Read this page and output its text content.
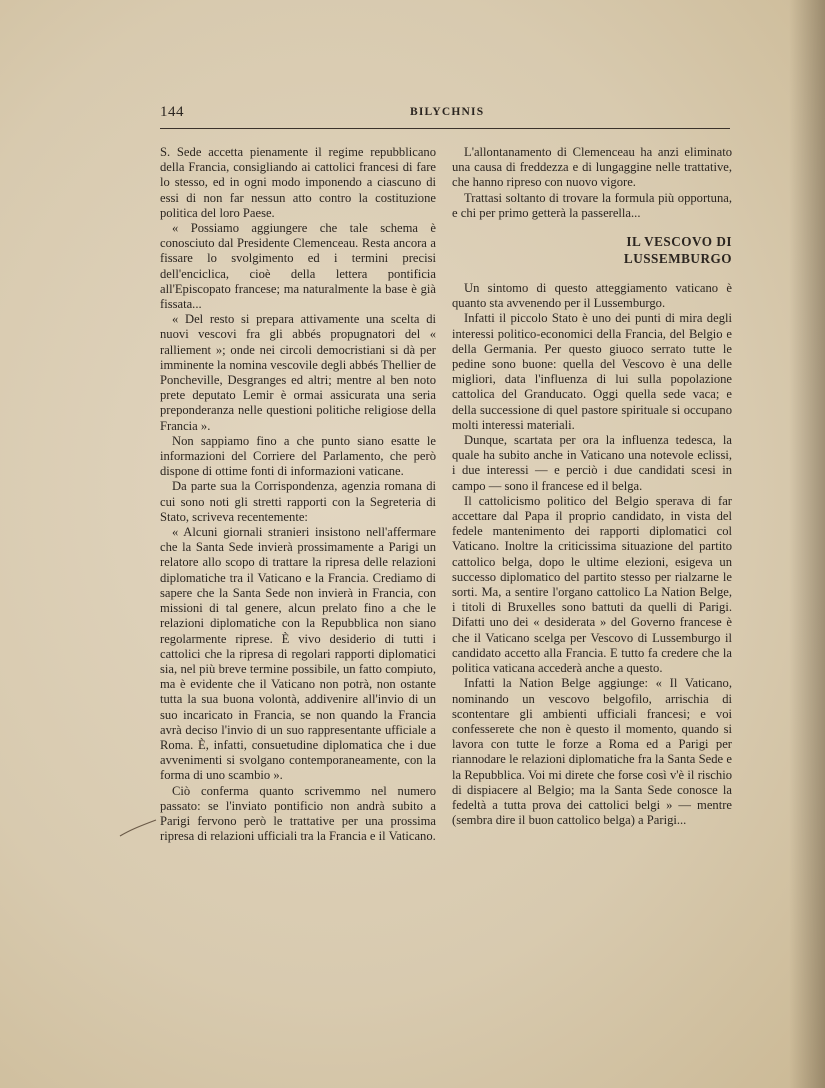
144	BILYCHNIS

S. Sede accetta pienamente il regime repubblicano della Francia, consigliando ai cattolici francesi di fare lo stesso, ed in ogni modo imponendo a ciascuno di essi di non far nessun atto contro la costituzione politica del loro Paese.

« Possiamo aggiungere che tale schema è conosciuto dal Presidente Clemenceau. Resta ancora a fissare lo svolgimento ed i termini precisi dell'enciclica, cioè della lettera pontificia all'Episcopato francese; ma naturalmente la base è già fissata...

« Del resto si prepara attivamente una scelta di nuovi vescovi fra gli abbés propugnatori del « ralliement »; onde nei circoli democristiani si dà per imminente la nomina vescovile degli abbés Thellier de Poncheville, Desgranges ed altri; mentre al ben noto prete deputato Lemir è ormai assicurata una seria preponderanza nelle questioni politiche religiose della Francia ».

Non sappiamo fino a che punto siano esatte le informazioni del Corriere del Parlamento, che però dispone di ottime fonti di informazioni vaticane.

Da parte sua la Corrispondenza, agenzia romana di cui sono noti gli stretti rapporti con la Segreteria di Stato, scriveva recentemente:

« Alcuni giornali stranieri insistono nell'affermare che la Santa Sede invierà prossimamente a Parigi un relatore allo scopo di trattare la ripresa delle relazioni diplomatiche tra il Vaticano e la Francia. Crediamo di sapere che la Santa Sede non invierà in Francia, con missioni di tal genere, alcun prelato fino a che le relazioni diplomatiche con la Repubblica non siano regolarmente riprese. È vivo desiderio di tutti i cattolici che la ripresa di regolari rapporti diplomatici sia, nel più breve termine possibile, un fatto compiuto, ma è evidente che il Vaticano non potrà, non ostante tutta la sua buona volontà, addivenire all'invio di un suo incaricato in Francia, se non quando la Francia avrà deciso l'invio di un suo rappresentante ufficiale a Roma. È, infatti, consuetudine diplomatica che i due avvenimenti si svolgano contemporaneamente, con la forma di uno scambio ».

Ciò conferma quanto scrivemmo nel numero passato: se l'inviato pontificio non andrà subito a Parigi fervono però le trattative per una prossima ripresa di relazioni ufficiali tra la Francia e il Vaticano.

L'allontanamento di Clemenceau ha anzi eliminato una causa di freddezza e di lungaggine nelle trattative, che hanno ripreso con nuovo vigore.

Trattasi soltanto di trovare la formula più opportuna, e chi per primo getterà la passerella...

IL VESCOVO DI
LUSSEMBURGO

Un sintomo di questo atteggiamento vaticano è quanto sta avvenendo per il Lussemburgo.

Infatti il piccolo Stato è uno dei punti di mira degli interessi politico-economici della Francia, del Belgio e della Germania. Per questo giuoco serrato tutte le pedine sono buone: quella del Vescovo è una delle migliori, data l'influenza di lui sulla popolazione cattolica del Granducato. Oggi quella sede vaca; e della successione di quel pastore spirituale si occupano molti interessi materiali.

Dunque, scartata per ora la influenza tedesca, la quale ha subito anche in Vaticano una notevole eclissi, i due interessi — e perciò i due candidati scesi in campo — sono il francese ed il belga.

Il cattolicismo politico del Belgio sperava di far accettare dal Papa il proprio candidato, in vista del fedele mantenimento dei rapporti diplomatici col Vaticano. Inoltre la criticissima situazione del partito cattolico belga, dopo le ultime elezioni, esigeva un successo diplomatico del partito stesso per rialzarne le sorti. Ma, a sentire l'organo cattolico La Nation Belge, i titoli di Bruxelles sono battuti da quelli di Parigi. Difatti uno dei « desiderata » del Governo francese è che il Vaticano scelga per Vescovo di Lussemburgo il candidato accetto alla Francia. E tutto fa credere che la politica vaticana accederà anche a questo.

Infatti la Nation Belge aggiunge: « Il Vaticano, nominando un vescovo belgofilo, arrischia di scontentare gli ambienti ufficiali francesi; e voi confesserete che non è questo il momento, quando si lavora con tutte le forze a Roma ed a Parigi per riannodare le relazioni diplomatiche fra la Santa Sede e la Repubblica. Voi mi direte che forse così v'è il rischio di dispiacere al Belgio; ma la Santa Sede conosce la fedeltà a tutta prova dei cattolici belgi » — mentre (sembra dire il buon cattolico belga) a Parigi...
